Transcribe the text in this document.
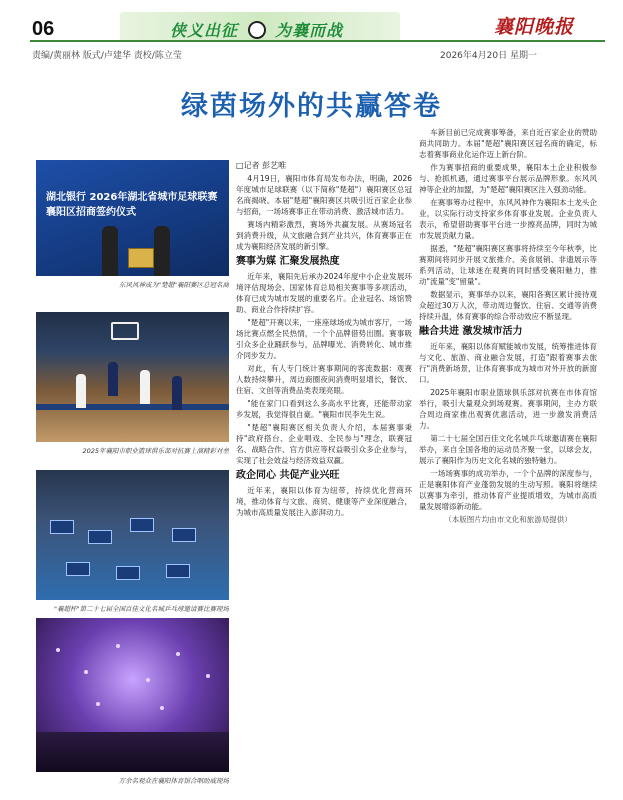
06	侠义出征 为襄而战	襄阳晚报
责编/黄丽林 版式/卢建华 责校/陈立莹	2026年4月20日 星期一
绿茵场外的共赢答卷
湖北银行 2026年湖北省城市足球联赛
襄阳区招商签约仪式
东风风神成为"楚超"襄阳赛区总冠名商
2025年襄阳市职业篮球俱乐部对抗赛上演精彩对垒
"襄超杯"第二十七届全国百佳文化名城乒乓球邀请赛比赛现场
万余名观众在襄阳体育馆合唱助威现场

□记者 彭艺唯

4月19日，襄阳市体育局发布办法，明确，2026年度城市足球联赛（以下简称"楚超"）襄阳赛区总冠名商揭晓。本届"楚超"襄阳赛区共吸引近百家企业参与招商，一场场赛事正在带动消费、激活城市活力。

赛场内精彩激烈，赛场外共赢发展。从赛场冠名到消费升级，从文旅融合到产业共兴，体育赛事正在成为襄阳经济发展的新引擎。

赛事为媒 汇聚发展热度

近年来，襄阳先后承办2024年度中小企业发展环境评估现场会、国家体育总局相关赛事等多项活动，体育已成为城市发展的重要名片。企业冠名、场馆赞助、商业合作持续扩容。

"楚超"开赛以来，一座座球场成为城市客厅，一场场比赛点燃全民热情，一个个品牌借势出圈。赛事吸引众多企业踊跃参与，品牌曝光、消费转化、城市推介同步发力。

对此，有人专门统计赛事期间的客流数据：观赛人数持续攀升，周边商圈夜间消费明显增长，餐饮、住宿、文创等消费品类表现亮眼。

"能在家门口看到这么多高水平比赛，还能带动家乡发展，我觉得很自豪。"襄阳市民李先生说。

"楚超"襄阳赛区相关负责人介绍，本届赛事秉持"政府搭台、企业唱戏、全民参与"理念，联赛冠名、战略合作、官方供应等权益吸引众多企业参与，实现了社会效益与经济效益双赢。

政企同心 共促产业兴旺

近年来，襄阳以体育为纽带，持续优化营商环境，推动体育与文旅、商贸、健康等产业深度融合，为城市高质量发展注入澎湃动力。

车新目前已完成赛事筹备，来自近百家企业的赞助商共同助力。本届"楚超"襄阳赛区冠名商的确定，标志着赛事商业化运作迈上新台阶。

作为赛事招商的重要成果，襄阳本土企业积极参与、抢抓机遇，通过赛事平台展示品牌形象。东风风神等企业的加盟，为"楚超"襄阳赛区注入强劲动能。

在赛事筹办过程中，东风风神作为襄阳本土龙头企业，以实际行动支持家乡体育事业发展。企业负责人表示，希望借助赛事平台进一步擦亮品牌，同时为城市发展贡献力量。

据悉，"楚超"襄阳赛区赛事将持续至今年秋季，比赛期间将同步开展文旅推介、美食展销、非遗展示等系列活动，让球迷在观赛的同时感受襄阳魅力，推动"流量"变"留量"。

数据显示，赛事举办以来，襄阳各赛区累计接待观众超过30万人次，带动周边餐饮、住宿、交通等消费持续升温，体育赛事的综合带动效应不断显现。

融合共进 激发城市活力

近年来，襄阳以体育赋能城市发展，统筹推进体育与文化、旅游、商业融合发展，打造"跟着赛事去旅行"消费新场景，让体育赛事成为城市对外开放的新窗口。

2025年襄阳市职业篮球俱乐部对抗赛在市体育馆举行，吸引大量观众到场观赛。赛事期间，主办方联合周边商家推出观赛优惠活动，进一步激发消费活力。

第二十七届全国百佳文化名城乒乓球邀请赛在襄阳举办，来自全国各地的运动员齐聚一堂，以球会友，展示了襄阳作为历史文化名城的独特魅力。

一场场赛事的成功举办，一个个品牌的深度参与，正是襄阳体育产业蓬勃发展的生动写照。襄阳将继续以赛事为牵引，推动体育产业提质增效，为城市高质量发展增添新动能。

（本版图片均由市文化和旅游局提供）
